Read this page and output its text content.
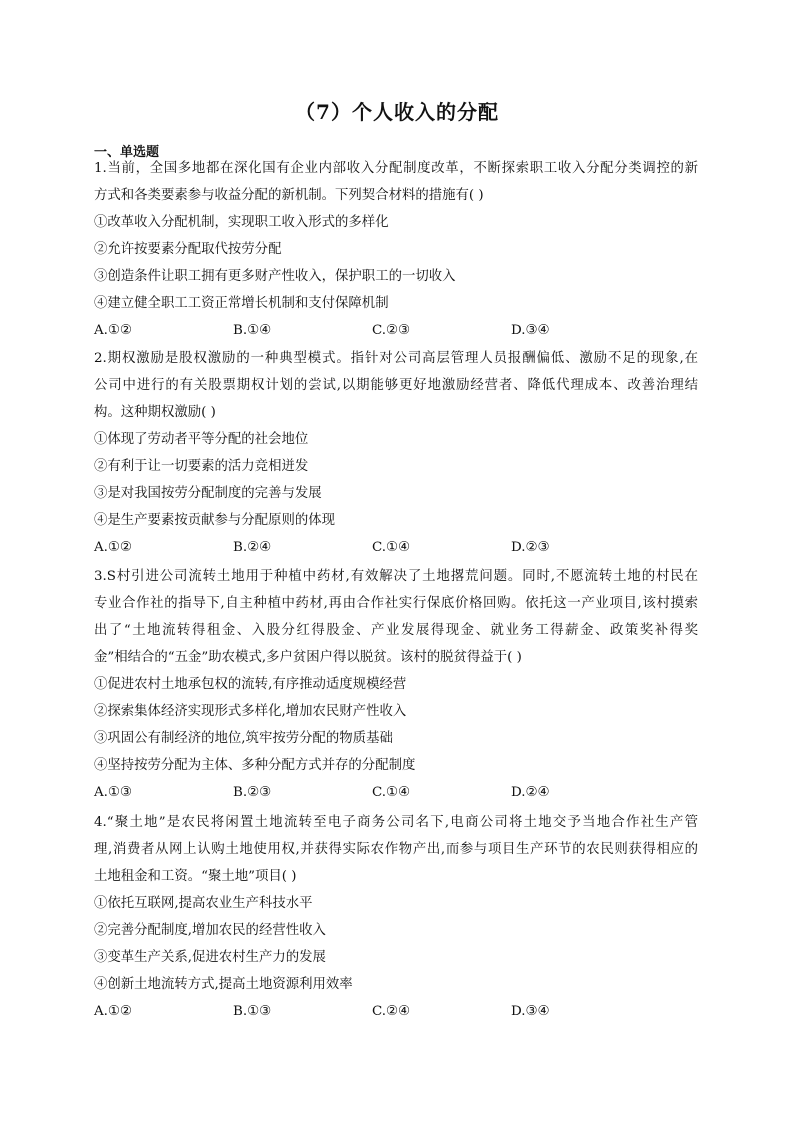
（7）个人收入的分配
一、单选题
1.当前，全国多地都在深化国有企业内部收入分配制度改革，不断探索职工收入分配分类调控的新
方式和各类要素参与收益分配的新机制。下列契合材料的措施有( )
①改革收入分配机制，实现职工收入形式的多样化
②允许按要素分配取代按劳分配
③创造条件让职工拥有更多财产性收入，保护职工的一切收入
④建立健全职工工资正常增长机制和支付保障机制
A.①②	B.①④	C.②③	D.③④
2.期权激励是股权激励的一种典型模式。指针对公司高层管理人员报酬偏低、激励不足的现象,在
公司中进行的有关股票期权计划的尝试,以期能够更好地激励经营者、降低代理成本、改善治理结
构。这种期权激励( )
①体现了劳动者平等分配的社会地位
②有利于让一切要素的活力竞相迸发
③是对我国按劳分配制度的完善与发展
④是生产要素按贡献参与分配原则的体现
A.①②	B.②④	C.①④	D.②③
3.S村引进公司流转土地用于种植中药材,有效解决了土地撂荒问题。同时,不愿流转土地的村民在
专业合作社的指导下,自主种植中药材,再由合作社实行保底价格回购。依托这一产业项目,该村摸索
出了“土地流转得租金、入股分红得股金、产业发展得现金、就业务工得薪金、政策奖补得奖
金”相结合的“五金”助农模式,多户贫困户得以脱贫。该村的脱贫得益于( )
①促进农村土地承包权的流转,有序推动适度规模经营
②探索集体经济实现形式多样化,增加农民财产性收入
③巩固公有制经济的地位,筑牢按劳分配的物质基础
④坚持按劳分配为主体、多种分配方式并存的分配制度
A.①③	B.②③	C.①④	D.②④
4.“聚土地”是农民将闲置土地流转至电子商务公司名下,电商公司将土地交予当地合作社生产管
理,消费者从网上认购土地使用权,并获得实际农作物产出,而参与项目生产环节的农民则获得相应的
土地租金和工资。“聚土地”项目( )
①依托互联网,提高农业生产科技水平
②完善分配制度,增加农民的经营性收入
③变革生产关系,促进农村生产力的发展
④创新土地流转方式,提高土地资源利用效率
A.①②	B.①③	C.②④	D.③④
